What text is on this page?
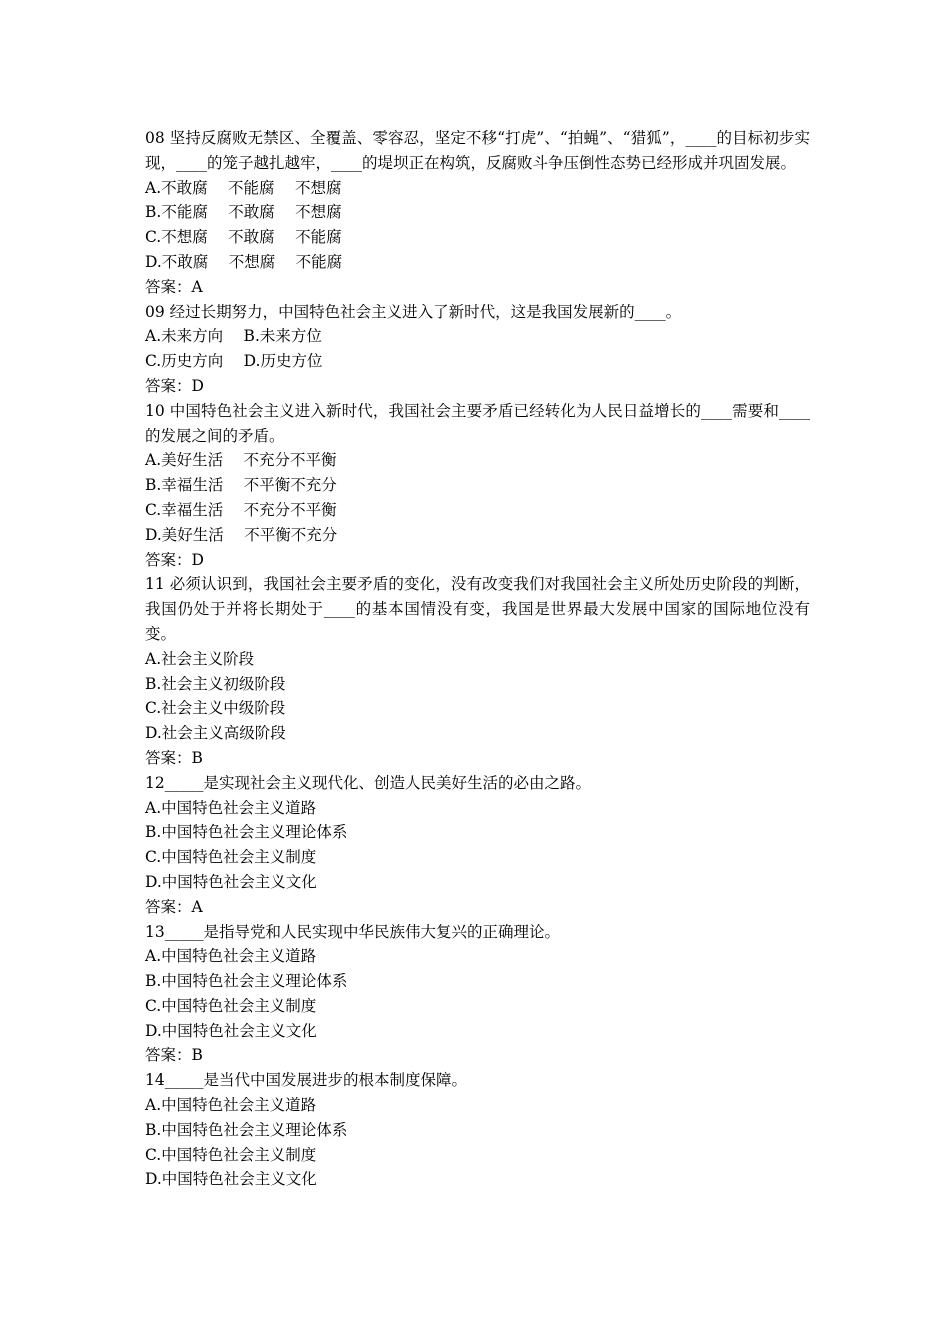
08 坚持反腐败无禁区、全覆盖、零容忍，坚定不移“打虎”、“拍蝇”、“猎狐”，____的目标初步实现，____的笼子越扎越牢，____的堤坝正在构筑，反腐败斗争压倒性态势已经形成并巩固发展。

A.不敢腐　 不能腐　 不想腐

B.不能腐　 不敢腐　 不想腐

C.不想腐　 不敢腐　 不能腐

D.不敢腐　 不想腐　 不能腐

答案：A

09 经过长期努力，中国特色社会主义进入了新时代，这是我国发展新的____。

A.未来方向　 B.未来方位

C.历史方向　 D.历史方位

答案：D

10 中国特色社会主义进入新时代，我国社会主要矛盾已经转化为人民日益增长的____需要和____的发展之间的矛盾。

A.美好生活　 不充分不平衡

B.幸福生活　 不平衡不充分

C.幸福生活　 不充分不平衡

D.美好生活　 不平衡不充分

答案：D

11 必须认识到，我国社会主要矛盾的变化，没有改变我们对我国社会主义所处历史阶段的判断，我国仍处于并将长期处于____的基本国情没有变，我国是世界最大发展中国家的国际地位没有变。

A.社会主义阶段

B.社会主义初级阶段

C.社会主义中级阶段

D.社会主义高级阶段

答案：B

12_____是实现社会主义现代化、创造人民美好生活的必由之路。

A.中国特色社会主义道路

B.中国特色社会主义理论体系

C.中国特色社会主义制度

D.中国特色社会主义文化

答案：A

13_____是指导党和人民实现中华民族伟大复兴的正确理论。

A.中国特色社会主义道路

B.中国特色社会主义理论体系

C.中国特色社会主义制度

D.中国特色社会主义文化

答案：B

14_____是当代中国发展进步的根本制度保障。

A.中国特色社会主义道路

B.中国特色社会主义理论体系

C.中国特色社会主义制度

D.中国特色社会主义文化
